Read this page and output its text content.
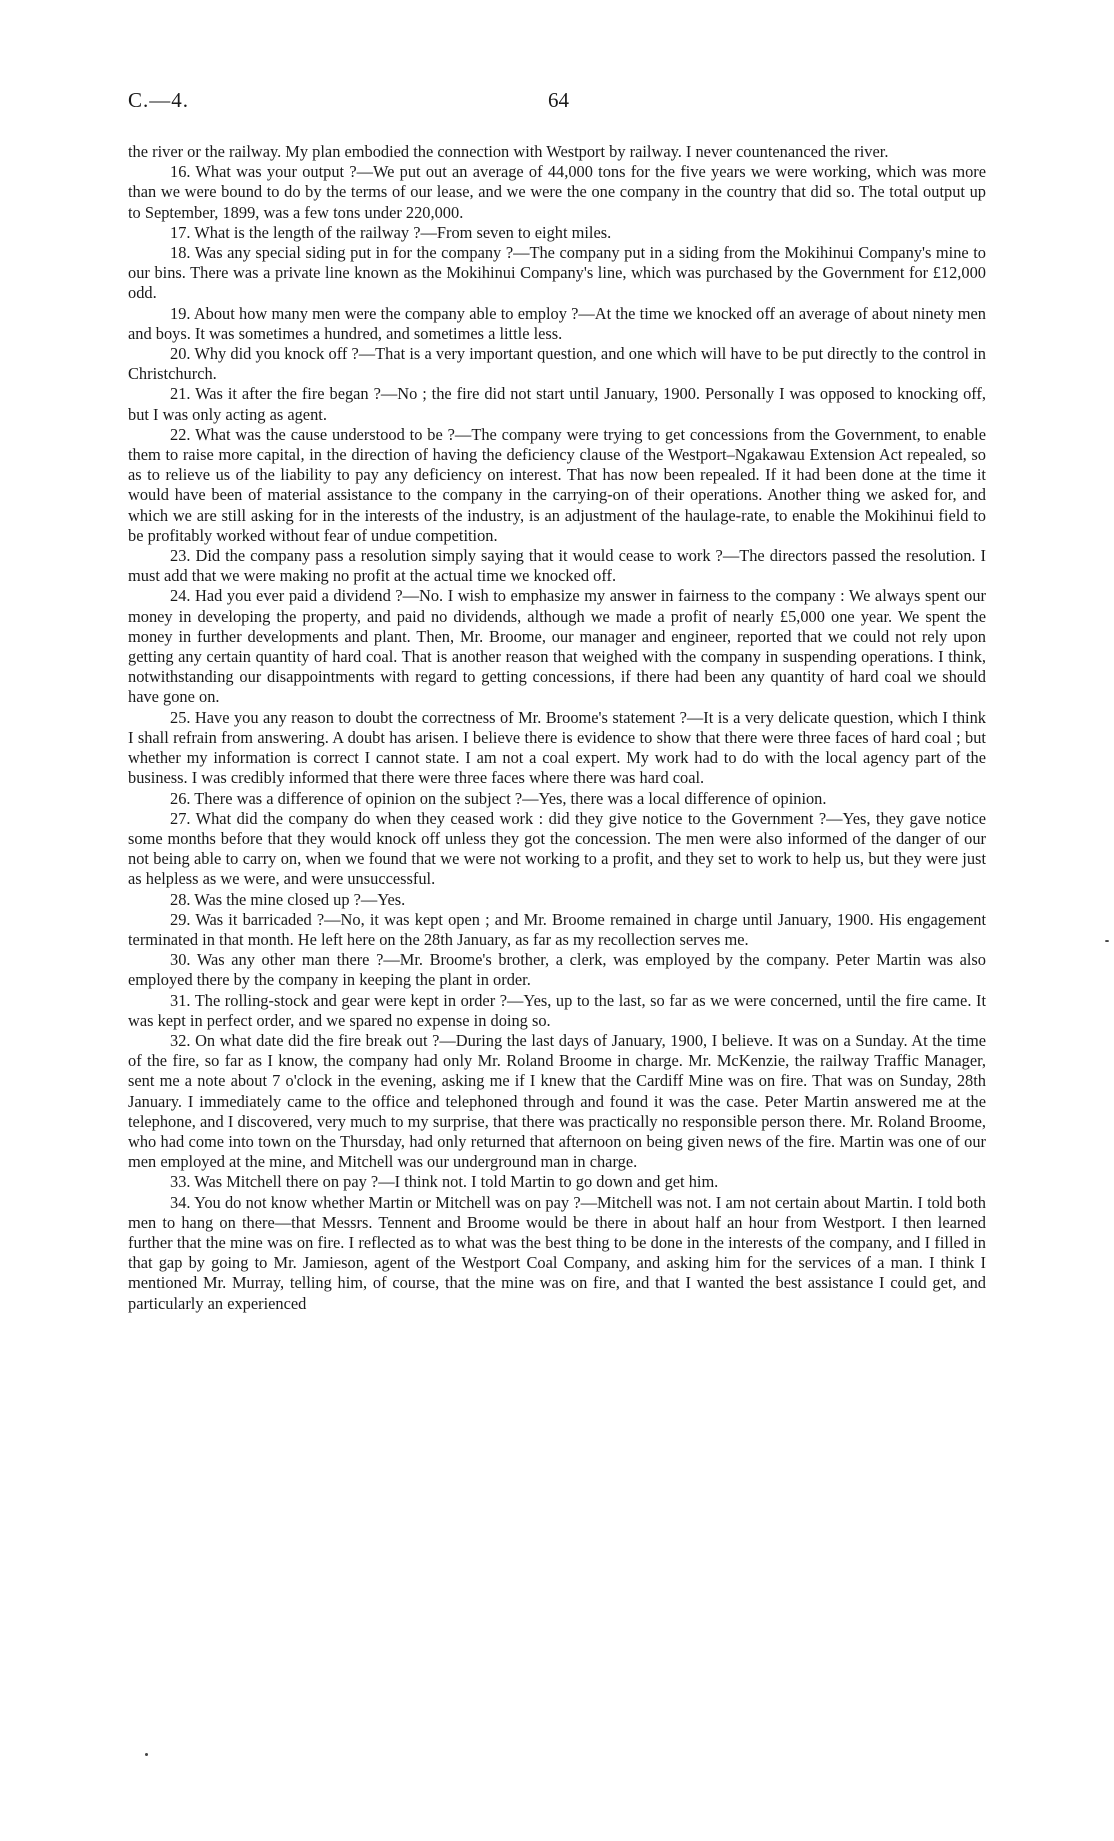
C.—4.	64

the river or the railway. My plan embodied the connection with Westport by railway. I never countenanced the river.

16. What was your output ?—We put out an average of 44,000 tons for the five years we were working, which was more than we were bound to do by the terms of our lease, and we were the one company in the country that did so. The total output up to September, 1899, was a few tons under 220,000.

17. What is the length of the railway ?—From seven to eight miles.

18. Was any special siding put in for the company ?—The company put in a siding from the Mokihinui Company's mine to our bins. There was a private line known as the Mokihinui Company's line, which was purchased by the Government for £12,000 odd.

19. About how many men were the company able to employ ?—At the time we knocked off an average of about ninety men and boys. It was sometimes a hundred, and sometimes a little less.

20. Why did you knock off ?—That is a very important question, and one which will have to be put directly to the control in Christchurch.

21. Was it after the fire began ?—No ; the fire did not start until January, 1900. Personally I was opposed to knocking off, but I was only acting as agent.

22. What was the cause understood to be ?—The company were trying to get concessions from the Government, to enable them to raise more capital, in the direction of having the deficiency clause of the Westport–Ngakawau Extension Act repealed, so as to relieve us of the liability to pay any deficiency on interest. That has now been repealed. If it had been done at the time it would have been of material assistance to the company in the carrying-on of their operations. Another thing we asked for, and which we are still asking for in the interests of the industry, is an adjustment of the haulage-rate, to enable the Mokihinui field to be profitably worked without fear of undue competition.

23. Did the company pass a resolution simply saying that it would cease to work ?—The directors passed the resolution. I must add that we were making no profit at the actual time we knocked off.

24. Had you ever paid a dividend ?—No. I wish to emphasize my answer in fairness to the company : We always spent our money in developing the property, and paid no dividends, although we made a profit of nearly £5,000 one year. We spent the money in further developments and plant. Then, Mr. Broome, our manager and engineer, reported that we could not rely upon getting any certain quantity of hard coal. That is another reason that weighed with the company in suspending operations. I think, notwithstanding our disappointments with regard to getting concessions, if there had been any quantity of hard coal we should have gone on.

25. Have you any reason to doubt the correctness of Mr. Broome's statement ?—It is a very delicate question, which I think I shall refrain from answering. A doubt has arisen. I believe there is evidence to show that there were three faces of hard coal ; but whether my information is correct I cannot state. I am not a coal expert. My work had to do with the local agency part of the business. I was credibly informed that there were three faces where there was hard coal.

26. There was a difference of opinion on the subject ?—Yes, there was a local difference of opinion.

27. What did the company do when they ceased work : did they give notice to the Government ?—Yes, they gave notice some months before that they would knock off unless they got the concession. The men were also informed of the danger of our not being able to carry on, when we found that we were not working to a profit, and they set to work to help us, but they were just as helpless as we were, and were unsuccessful.

28. Was the mine closed up ?—Yes.

29. Was it barricaded ?—No, it was kept open ; and Mr. Broome remained in charge until January, 1900. His engagement terminated in that month. He left here on the 28th January, as far as my recollection serves me.

30. Was any other man there ?—Mr. Broome's brother, a clerk, was employed by the company. Peter Martin was also employed there by the company in keeping the plant in order.

31. The rolling-stock and gear were kept in order ?—Yes, up to the last, so far as we were concerned, until the fire came. It was kept in perfect order, and we spared no expense in doing so.

32. On what date did the fire break out ?—During the last days of January, 1900, I believe. It was on a Sunday. At the time of the fire, so far as I know, the company had only Mr. Roland Broome in charge. Mr. McKenzie, the railway Traffic Manager, sent me a note about 7 o'clock in the evening, asking me if I knew that the Cardiff Mine was on fire. That was on Sunday, 28th January. I immediately came to the office and telephoned through and found it was the case. Peter Martin answered me at the telephone, and I discovered, very much to my surprise, that there was practically no responsible person there. Mr. Roland Broome, who had come into town on the Thursday, had only returned that afternoon on being given news of the fire. Martin was one of our men employed at the mine, and Mitchell was our underground man in charge.

33. Was Mitchell there on pay ?—I think not. I told Martin to go down and get him.

34. You do not know whether Martin or Mitchell was on pay ?—Mitchell was not. I am not certain about Martin. I told both men to hang on there—that Messrs. Tennent and Broome would be there in about half an hour from Westport. I then learned further that the mine was on fire. I reflected as to what was the best thing to be done in the interests of the company, and I filled in that gap by going to Mr. Jamieson, agent of the Westport Coal Company, and asking him for the services of a man. I think I mentioned Mr. Murray, telling him, of course, that the mine was on fire, and that I wanted the best assistance I could get, and particularly an experienced
